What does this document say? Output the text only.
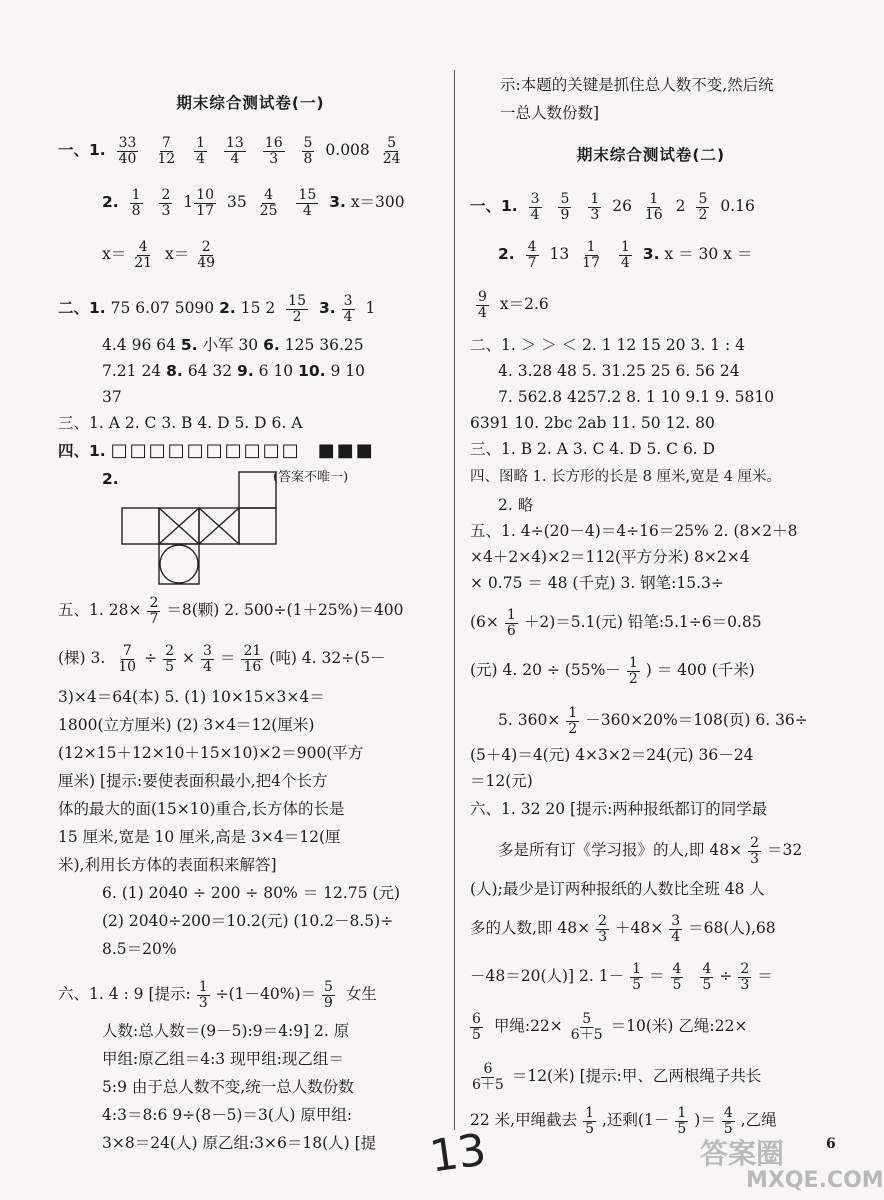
期末综合测试卷(一)
一、1. $\frac{33}{40}$
$\frac{7}{12}$
$\frac{1}{4}$
$\frac{13}{4}$
$\frac{16}{3}$
$\frac{5}{8} 0.008 \frac{5}{24}$
2. $\frac{1}{8}$
$\frac{2}{3} 1 \frac{10}{17} 35 \frac{4}{25}$
$\frac{15}{4} 3$. x＝300
$x= \frac{4}{21} x= \frac{2}{49}$
二、1. 75 6.07 5090 2. 15 $2 \frac{15}{2} 3$. $\frac{3}{4} 1$
4.4 96 64 5. 小军 30 6. 125 36.25
7.21 24 8. 64 32 9. 6 10 10. 9 10
37
三、1. A 2. C 3. B 4. D 5. D 6. A
四、1. □□□□□□□□□□ ■■■
2.	(答案不唯一)
五、1. $28\times \frac{2}{7} =8$(颗) 2. 500÷(1＋25%)＝400
(棵) 3. $\frac{7}{10} \div \frac{2}{5} \times \frac{3}{4} = \frac{21}{16}$ (吨) 4. 32÷(5－
3)×4＝64(本) 5. (1) 10×15×3×4＝
1800(立方厘米) (2) 3×4＝12(厘米)
(12×15＋12×10＋15×10)×2＝900(平方
厘米) [提示:要使表面积最小,把4个长方
体的最大的面(15×10)重合,长方体的长是
15 厘米,宽是 10 厘米,高是 3×4＝12(厘
米),利用长方体的表面积来解答]
6. (1) 2040 ÷ 200 ÷ 80% ＝ 12.75 (元)
(2) 2040÷200＝10.2(元) (10.2－8.5)÷
8.5＝20%
六、1. 4 : 9 [提示: $\frac{1}{3} \div(1-40\%)= \frac{5}{9}$ 女生
人数:总人数＝(9－5):9＝4:9] 2. 原
甲组:原乙组＝4:3 现甲组:现乙组＝
5:9 由于总人数不变,统一总人数份数
4:3＝8:6 9÷(8－5)＝3(人) 原甲组:
3×8＝24(人) 原乙组:3×6＝18(人) [提
示:本题的关键是抓住总人数不变,然后统
一总人数份数]
期末综合测试卷(二)
一、1. $\frac{3}{4}$
$\frac{5}{9}$
$\frac{1}{3} 26 \frac{1}{16} 2 \frac{5}{2} 0.16$
2. $\frac{4}{7} 13 \frac{1}{17}$
$\frac{1}{4} 3$. x ＝ 30 x ＝
$\frac{9}{4} x=2.6$
二、1. ＞ ＞ ＜ 2. 1 12 15 20 3. 1 : 4
4. 3.28 48 5. 31.25 25 6. 56 24
7. 562.8 4257.2 8. 1 10 9.1 9. 5810
6391 10. 2bc 2ab 11. 50 12. 80
三、1. B 2. A 3. C 4. D 5. C 6. D
四、图略 1. 长方形的长是 8 厘米,宽是 4 厘米。
2. 略
五、1. 4÷(20－4)＝4÷16＝25% 2. (8×2＋8
×4＋2×4)×2＝112(平方分米) 8×2×4
× 0.75 ＝ 48 (千克) 3. 钢笔:15.3÷
$(6\times \frac{1}{6} +2)=5.1$(元) 铅笔:5.1÷6＝0.85
(元) 4. $20 \div (55\%- \frac{1}{2}$ ) ＝ 400 (千米)
5. $360\times \frac{1}{2} -360\times 20\%=108$(页) 6. 36÷
(5＋4)＝4(元) 4×3×2＝24(元) 36－24
＝12(元)
六、1. 32 20 [提示:两种报纸都订的同学最
多是所有订《学习报》的人,即 $48\times \frac{2}{3} =32$
(人);最少是订两种报纸的人数比全班 48 人
多的人数,即 $48\times \frac{2}{3} +48\times \frac{3}{4} =68$(人),68
－48＝20(人)] 2. $1- \frac{1}{5} = \frac{4}{5}$
$\frac{4}{5} \div \frac{2}{3}$ ＝
$\frac{6}{5}$ 甲绳:22× $\frac{5}{6+5} =10$(米) 乙绳:22×
$\frac{6}{6+5} =12$(米) [提示:甲、乙两根绳子共长
22 米,甲绳截去 $\frac{1}{5}$ ,还剩($1- \frac{1}{5}$ )＝ $\frac{4}{5}$ ,乙绳
13	答案圈
MXQE.COM
6
